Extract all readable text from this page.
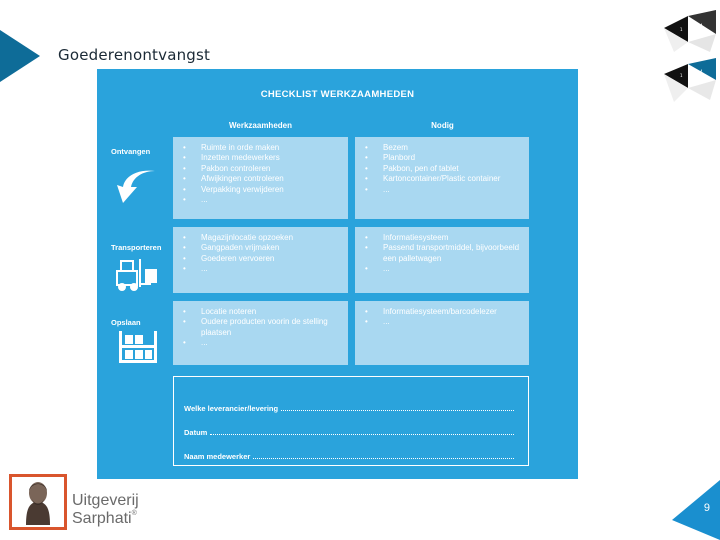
Goederenontvangst
1
4
1
4
CHECKLIST WERKZAAMHEDEN
Werkzaamheden	Nodig
Ontvangen
•	Ruimte in orde maken
• Inzetten medewerkers
• Pakbon controleren
• Afwijkingen controleren
• Verpakking verwijderen
• ...
• Bezem
• Planbord
• Pakbon, pen of tablet
• Kartoncontainer/Plastic container
• ...
Transporteren
• Magazijnlocatie opzoeken
• Gangpaden vrijmaken
• Goederen vervoeren
• ...
• Informatiesysteem
• Passend transportmiddel, bijvoorbeeld een palletwagen
• ...
Opslaan
• Locatie noteren
• Oudere producten voorin de stelling plaatsen
• ...
• Informatiesysteem/barcodelezer
• ...
Welke leverancier/levering
Datum
Naam medewerker
Uitgeverij
Sarphati®	9
